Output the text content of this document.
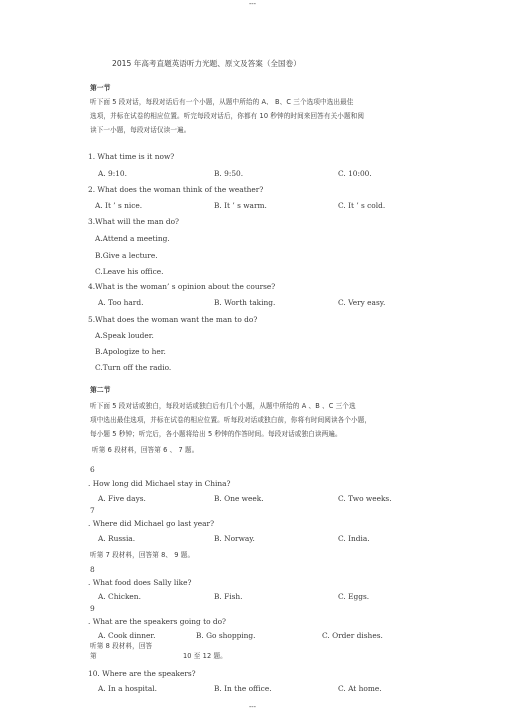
---
2015 年高考直题英语听力光题、原文及答案（全国卷）
第一节
听下面 5 段对话，每段对话后有一个小题，从题中所给的 A、 B、C 三个选项中选出最佳
选项，并标在试卷的相应位置。听完每段对话后，你都有 10 秒钟的时间来回答有关小题和阅
读下一小题，每段对话仅读一遍。
1. What time is it now?
A. 9:10.	B. 9:50.	C. 10:00.
2. What does the woman think of the weather?
A. It ’ s nice.	B. It ’ s warm.	C. It ’ s cold.
3.What will the man do?
A.Attend a meeting.
B.Give a lecture.
C.Leave his office.
4.What is the woman’ s opinion about the course?
A. Too hard.	B. Worth taking.	C. Very easy.
5.What does the woman want the man to do?
A.Speak louder.
B.Apologize to her.
C.Turn off the radio.
第二节
听下面 5 段对话或独白，每段对话或独白后有几个小题，从题中所给的 A 、B 、C 三个选
项中选出最佳选项，并标在试卷的相应位置。听每段对话或独白前，你将有时间阅读各个小题，
每小题 5 秒钟；听完后，各小题将给出 5 秒钟的作答时间。每段对话或独白读两遍。
听第 6 段材料，回答第 6 、 7 题。
6
. How long did Michael stay in China?
A. Five days.	B. One week.	C. Two weeks.
7
. Where did Michael go last year?
A. Russia.	B. Norway.	C. India.
听第 7 段材料，回答第 8、 9 题。
8
. What food does Sally like?
A. Chicken.	B. Fish.	C. Eggs.
9
. What are the speakers going to do?
A. Cook dinner.	B. Go shopping.	C. Order dishes.
听第 8 段材料，回答
第	10 至 12 题。
10. Where are the speakers?
A. In a hospital.	B. In the office.	C. At home.
---
